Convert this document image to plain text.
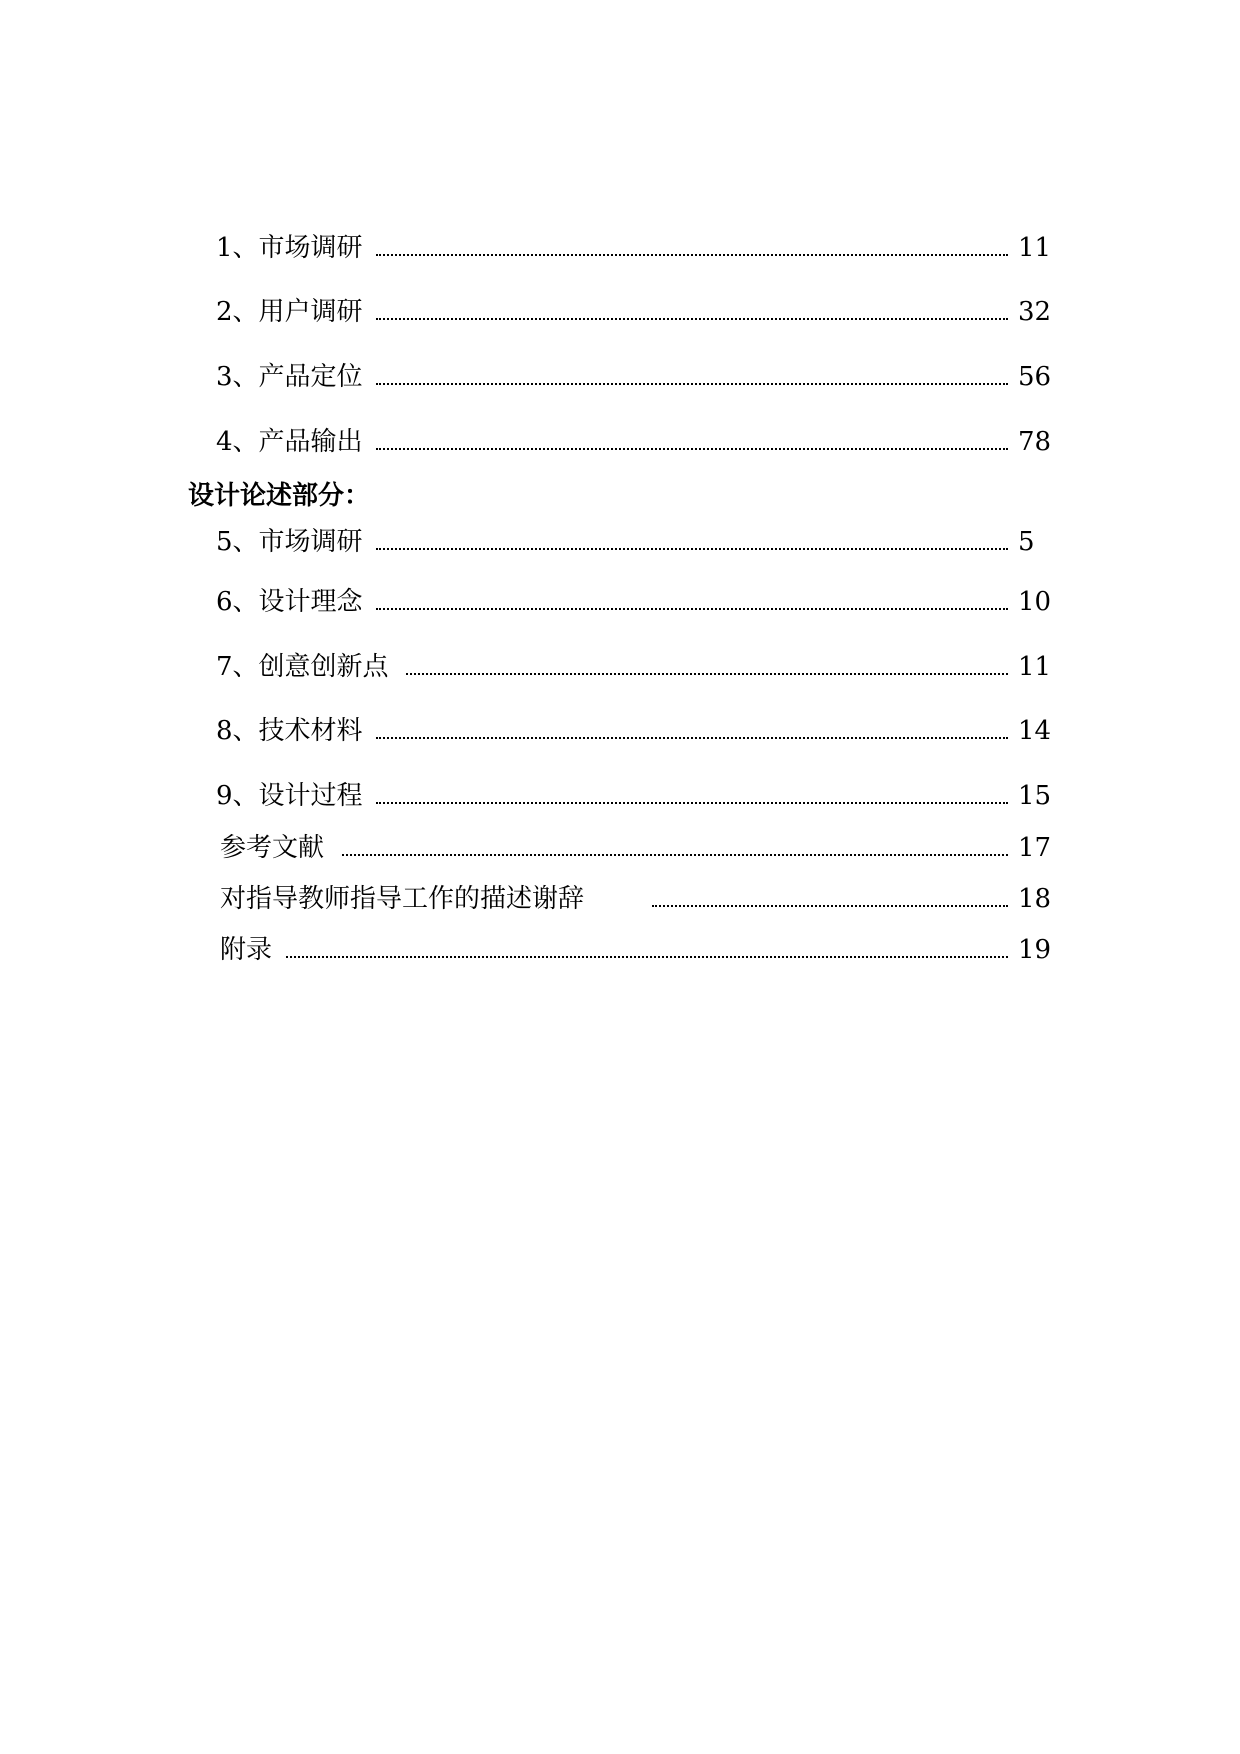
1、市场调研	11
2、用户调研	32
3、产品定位	56
4、产品输出	78
设计论述部分：
5、市场调研	5
6、设计理念	10
7、创意创新点	11
8、技术材料	14
9、设计过程	15
参考文献	17
对指导教师指导工作的描述谢辞	18
附录	19
